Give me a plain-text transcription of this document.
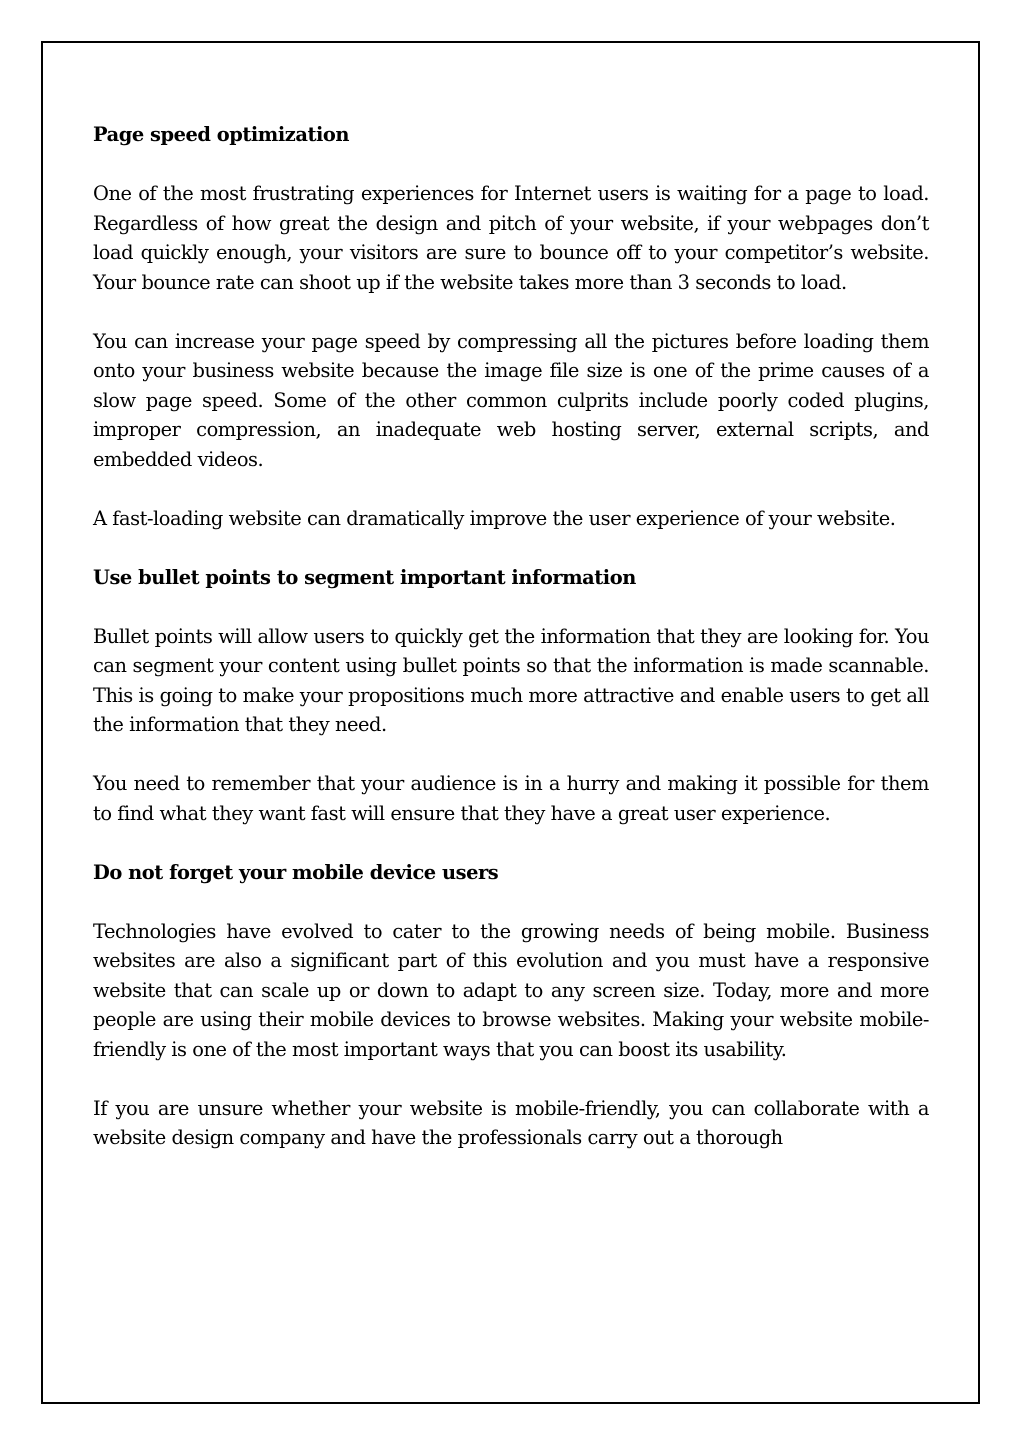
Page speed optimization

One of the most frustrating experiences for Internet users is waiting for a page to load. Regardless of how great the design and pitch of your website, if your webpages don’t load quickly enough, your visitors are sure to bounce off to your competitor’s website. Your bounce rate can shoot up if the website takes more than 3 seconds to load.

You can increase your page speed by compressing all the pictures before loading them onto your business website because the image file size is one of the prime causes of a slow page speed. Some of the other common culprits include poorly coded plugins, improper compression, an inadequate web hosting server, external scripts, and embedded videos.

A fast-loading website can dramatically improve the user experience of your website.

Use bullet points to segment important information

Bullet points will allow users to quickly get the information that they are looking for. You can segment your content using bullet points so that the information is made scannable. This is going to make your propositions much more attractive and enable users to get all the information that they need.

You need to remember that your audience is in a hurry and making it possible for them to find what they want fast will ensure that they have a great user experience.

Do not forget your mobile device users

Technologies have evolved to cater to the growing needs of being mobile. Business websites are also a significant part of this evolution and you must have a responsive website that can scale up or down to adapt to any screen size. Today, more and more people are using their mobile devices to browse websites. Making your website mobile-friendly is one of the most important ways that you can boost its usability.

If you are unsure whether your website is mobile-friendly, you can collaborate with a website design company and have the professionals carry out a thorough
